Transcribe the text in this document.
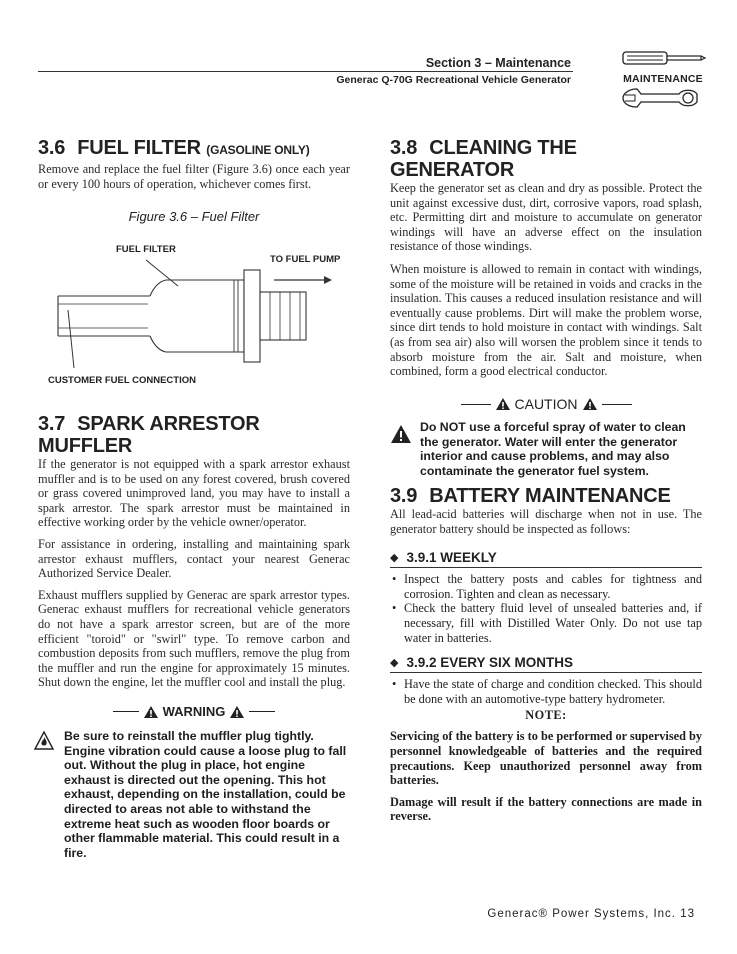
Section 3 – Maintenance
Generac Q-70G Recreational Vehicle Generator	MAINTENANCE
3.6 FUEL FILTER (GASOLINE ONLY)

Remove and replace the fuel filter (Figure 3.6) once each year or every 100 hours of operation, whichever comes first.

Figure 3.6 – Fuel Filter
FUEL FILTER
TO FUEL PUMP
CUSTOMER FUEL CONNECTION
3.7 SPARK ARRESTOR MUFFLER

If the generator is not equipped with a spark arrestor exhaust muffler and is to be used on any forest covered, brush covered or grass covered unimproved land, you may have to install a spark arrestor. The spark arrestor must be maintained in effective working order by the vehicle owner/operator.

For assistance in ordering, installing and maintaining spark arrestor exhaust mufflers, contact your nearest Generac Authorized Service Dealer.

Exhaust mufflers supplied by Generac are spark arrestor types. Generac exhaust mufflers for recreational vehicle generators do not have a spark arrestor screen, but are of the more efficient "toroid" or "swirl" type. To remove carbon and combustion deposits from such mufflers, remove the plug from the muffler and run the engine for approximately 15 minutes. Shut down the engine, let the muffler cool and install the plug.

WARNING
Be sure to reinstall the muffler plug tightly. Engine vibration could cause a loose plug to fall out. Without the plug in place, hot engine exhaust is directed out the opening. This hot exhaust, depending on the installation, could be directed to areas not able to withstand the extreme heat such as wooden floor boards or other flammable material. This could result in a fire.
3.8 CLEANING THE GENERATOR

Keep the generator set as clean and dry as possible. Protect the unit against excessive dust, dirt, corrosive vapors, road splash, etc. Permitting dirt and moisture to accumulate on generator windings will have an adverse effect on the insulation resistance of those windings.

When moisture is allowed to remain in contact with windings, some of the moisture will be retained in voids and cracks in the insulation. This causes a reduced insulation resistance and will eventually cause problems. Dirt will make the problem worse, since dirt tends to hold moisture in contact with windings. Salt (as from sea air) also will worsen the problem since it tends to absorb moisture from the air. Salt and moisture, when combined, form a good electrical conductor.

CAUTION
Do NOT use a forceful spray of water to clean the generator. Water will enter the generator interior and cause problems, and may also contaminate the generator fuel system.
3.9 BATTERY MAINTENANCE

All lead-acid batteries will discharge when not in use. The generator battery should be inspected as follows:

◆ 3.9.1 WEEKLY
• Inspect the battery posts and cables for tightness and corrosion. Tighten and clean as necessary.
• Check the battery fluid level of unsealed batteries and, if necessary, fill with Distilled Water Only. Do not use tap water in batteries.
◆ 3.9.2 EVERY SIX MONTHS
• Have the state of charge and condition checked. This should be done with an automotive-type battery hydrometer.
NOTE:

Servicing of the battery is to be performed or supervised by personnel knowledgeable of batteries and the required precautions. Keep unauthorized personnel away from batteries.

Damage will result if the battery connections are made in reverse.

Generac® Power Systems, Inc. 13
